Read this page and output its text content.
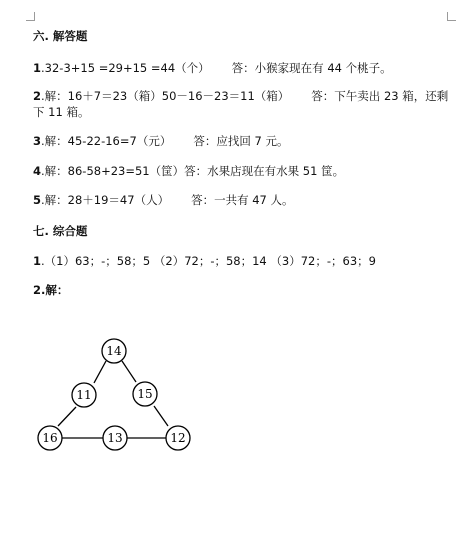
六. 解答题
1.32-3+15 =29+15 =44（个） 答：小猴家现在有 44 个桃子。
2.解：16＋7＝23（箱）50－16－23＝11（箱） 答：下午卖出 23 箱，还剩
下 11 箱。
3.解：45-22-16=7（元） 答：应找回 7 元。
4.解：86-58+23=51（筐）答：水果店现在有水果 51 筐。
5.解：28＋19＝47（人） 答：一共有 47 人。
七. 综合题
1.（1）63；-；58；5 （2）72；-；58；14 （3）72；-；63；9
2.解：
14
11	15
16	13	12
